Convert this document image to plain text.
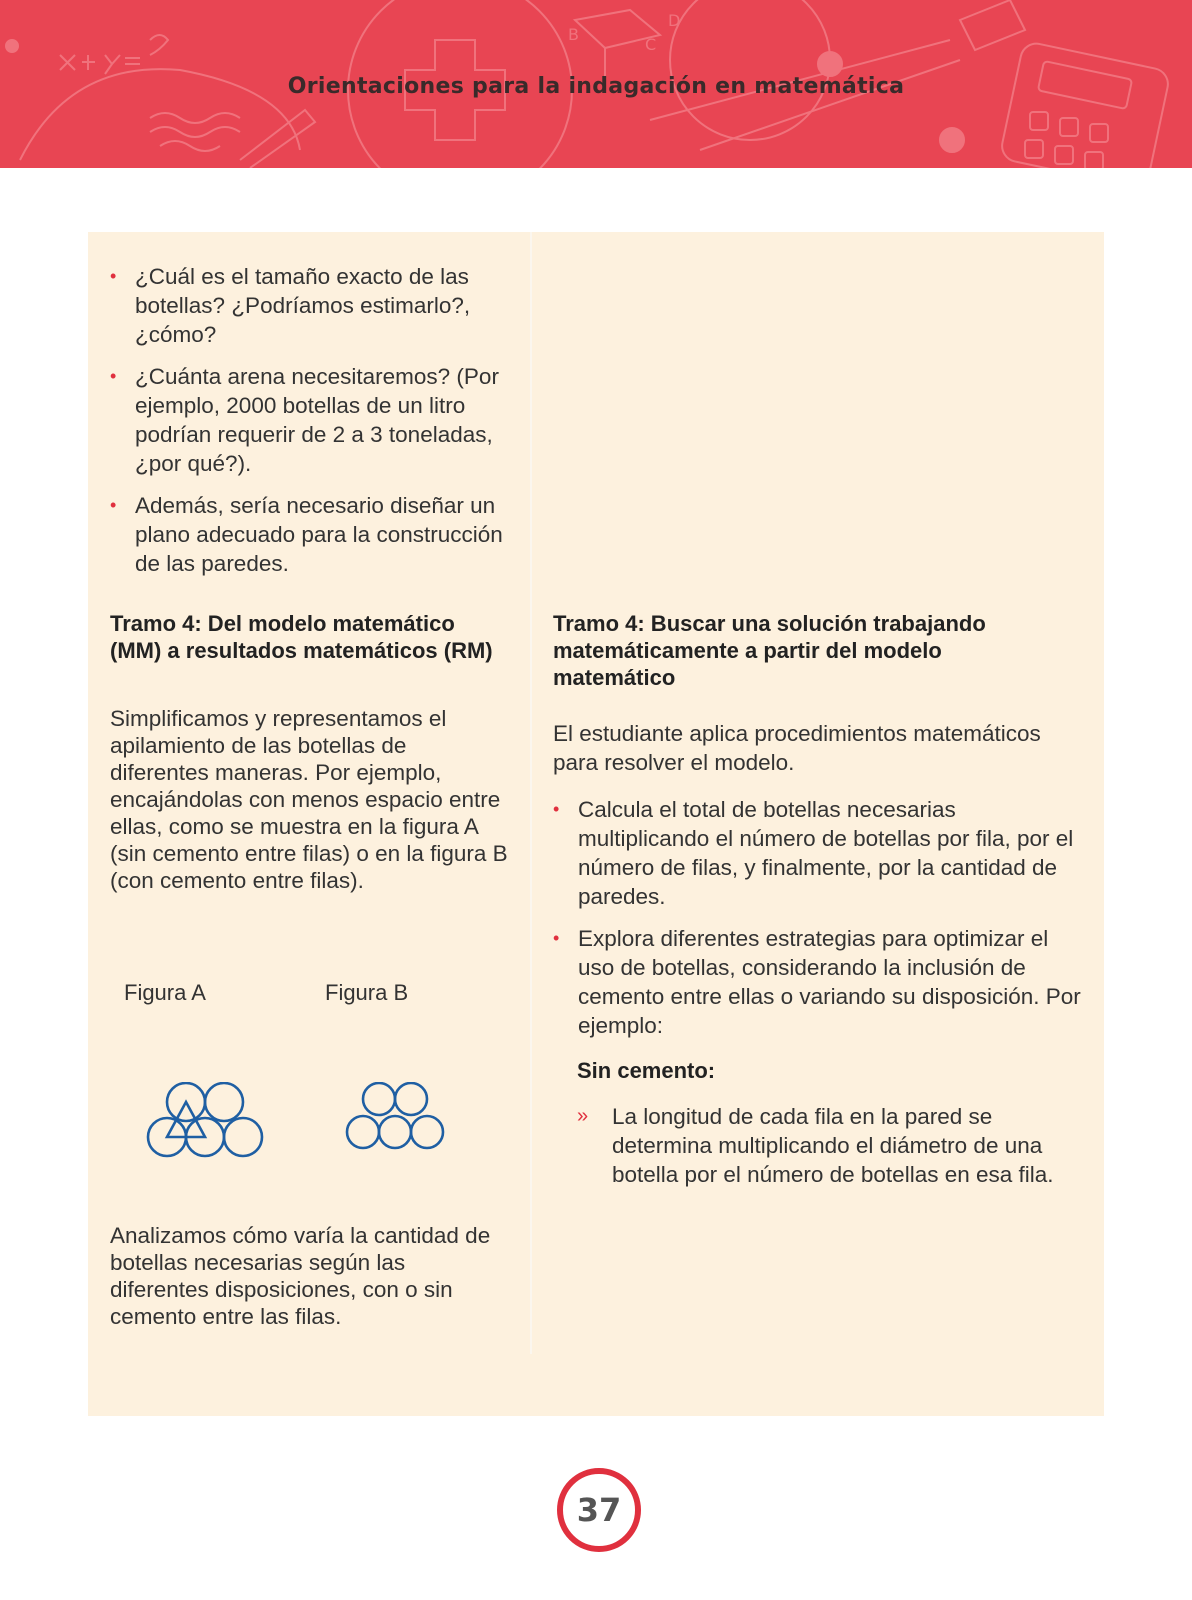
B
D
C
Orientaciones para la indagación en matemática
• ¿Cuál es el tamaño exacto de las botellas? ¿Podríamos estimarlo?, ¿cómo?
• ¿Cuánta arena necesitaremos? (Por ejemplo, 2000 botellas de un litro podrían requerir de 2 a 3 toneladas, ¿por qué?).
• Además, sería necesario diseñar un plano adecuado para la construcción de las paredes.

Tramo 4: Del modelo matemático (MM) a resultados matemáticos (RM)

Simplificamos y representamos el apilamiento de las botellas de diferentes maneras. Por ejemplo, encajándolas con menos espacio entre ellas, como se muestra en la figura A (sin cemento entre filas) o en la figura B (con cemento entre filas).

Figura A	Figura B

Analizamos cómo varía la cantidad de botellas necesarias según las diferentes disposiciones, con o sin cemento entre las filas.

Tramo 4: Buscar una solución trabajando matemáticamente a partir del modelo matemático

El estudiante aplica procedimientos matemáticos para resolver el modelo.

• Calcula el total de botellas necesarias multiplicando el número de botellas por fila, por el número de filas, y finalmente, por la cantidad de paredes.
• Explora diferentes estrategias para optimizar el uso de botellas, considerando la inclusión de cemento entre ellas o variando su disposición. Por ejemplo:
Sin cemento:
» La longitud de cada fila en la pared se determina multiplicando el diámetro de una botella por el número de botellas en esa fila.
37
